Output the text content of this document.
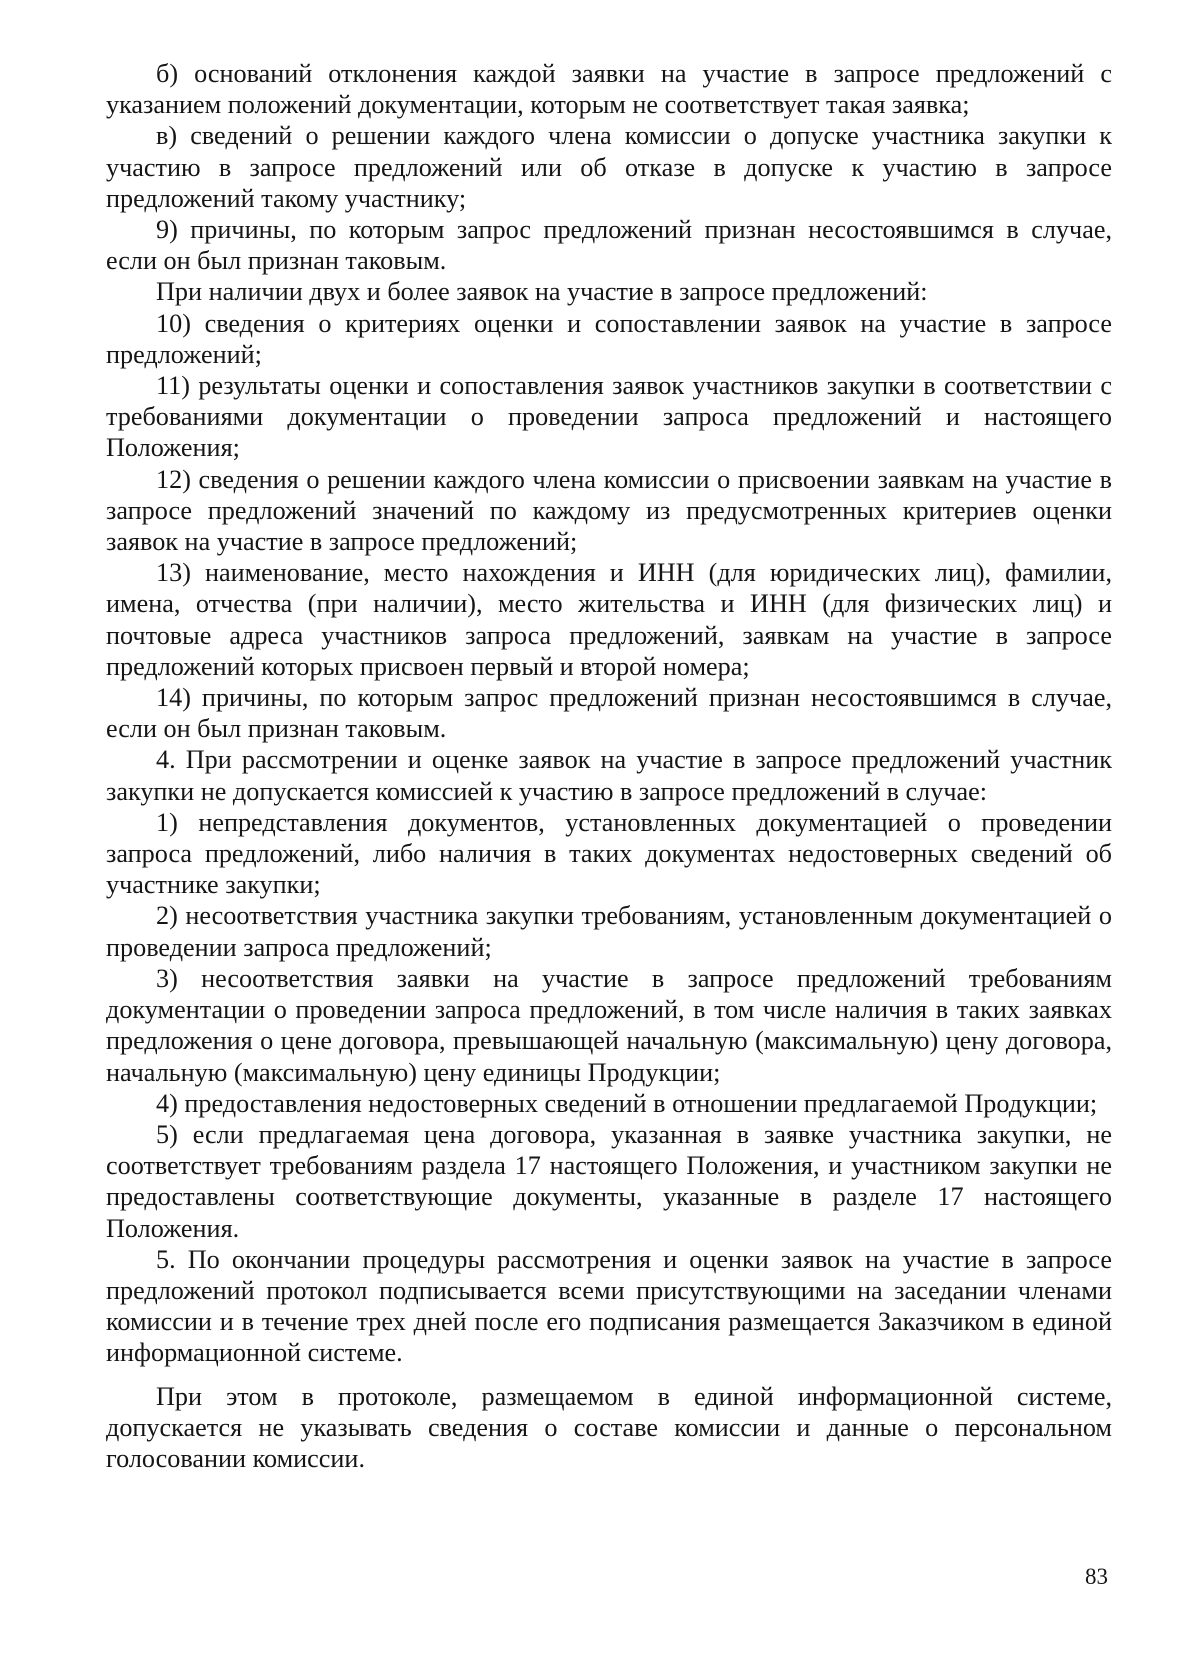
б) оснований отклонения каждой заявки на участие в запросе предложений с указанием положений документации, которым не соответствует такая заявка;

в) сведений о решении каждого члена комиссии о допуске участника закупки к участию в запросе предложений или об отказе в допуске к участию в запросе предложений такому участнику;

9) причины, по которым запрос предложений признан несостоявшимся в случае, если он был признан таковым.

При наличии двух и более заявок на участие в запросе предложений:

10) сведения о критериях оценки и сопоставлении заявок на участие в запросе предложений;

11) результаты оценки и сопоставления заявок участников закупки в соответствии с требованиями документации о проведении запроса предложений и настоящего Положения;

12) сведения о решении каждого члена комиссии о присвоении заявкам на участие в запросе предложений значений по каждому из предусмотренных критериев оценки заявок на участие в запросе предложений;

13) наименование, место нахождения и ИНН (для юридических лиц), фамилии, имена, отчества (при наличии), место жительства и ИНН (для физических лиц) и почтовые адреса участников запроса предложений, заявкам на участие в запросе предложений которых присвоен первый и второй номера;

14) причины, по которым запрос предложений признан несостоявшимся в случае, если он был признан таковым.

4. При рассмотрении и оценке заявок на участие в запросе предложений участник закупки не допускается комиссией к участию в запросе предложений в случае:

1) непредставления документов, установленных документацией о проведении запроса предложений, либо наличия в таких документах недостоверных сведений об участнике закупки;

2) несоответствия участника закупки требованиям, установленным документацией о проведении запроса предложений;

3) несоответствия заявки на участие в запросе предложений требованиям документации о проведении запроса предложений, в том числе наличия в таких заявках предложения о цене договора, превышающей начальную (максимальную) цену договора, начальную (максимальную) цену единицы Продукции;

4) предоставления недостоверных сведений в отношении предлагаемой Продукции;

5) если предлагаемая цена договора, указанная в заявке участника закупки, не соответствует требованиям раздела 17 настоящего Положения, и участником закупки не предоставлены соответствующие документы, указанные в разделе 17 настоящего Положения.

5. По окончании процедуры рассмотрения и оценки заявок на участие в запросе предложений протокол подписывается всеми присутствующими на заседании членами комиссии и в течение трех дней после его подписания размещается Заказчиком в единой информационной системе.

При этом в протоколе, размещаемом в единой информационной системе, допускается не указывать сведения о составе комиссии и данные о персональном голосовании комиссии.

83
